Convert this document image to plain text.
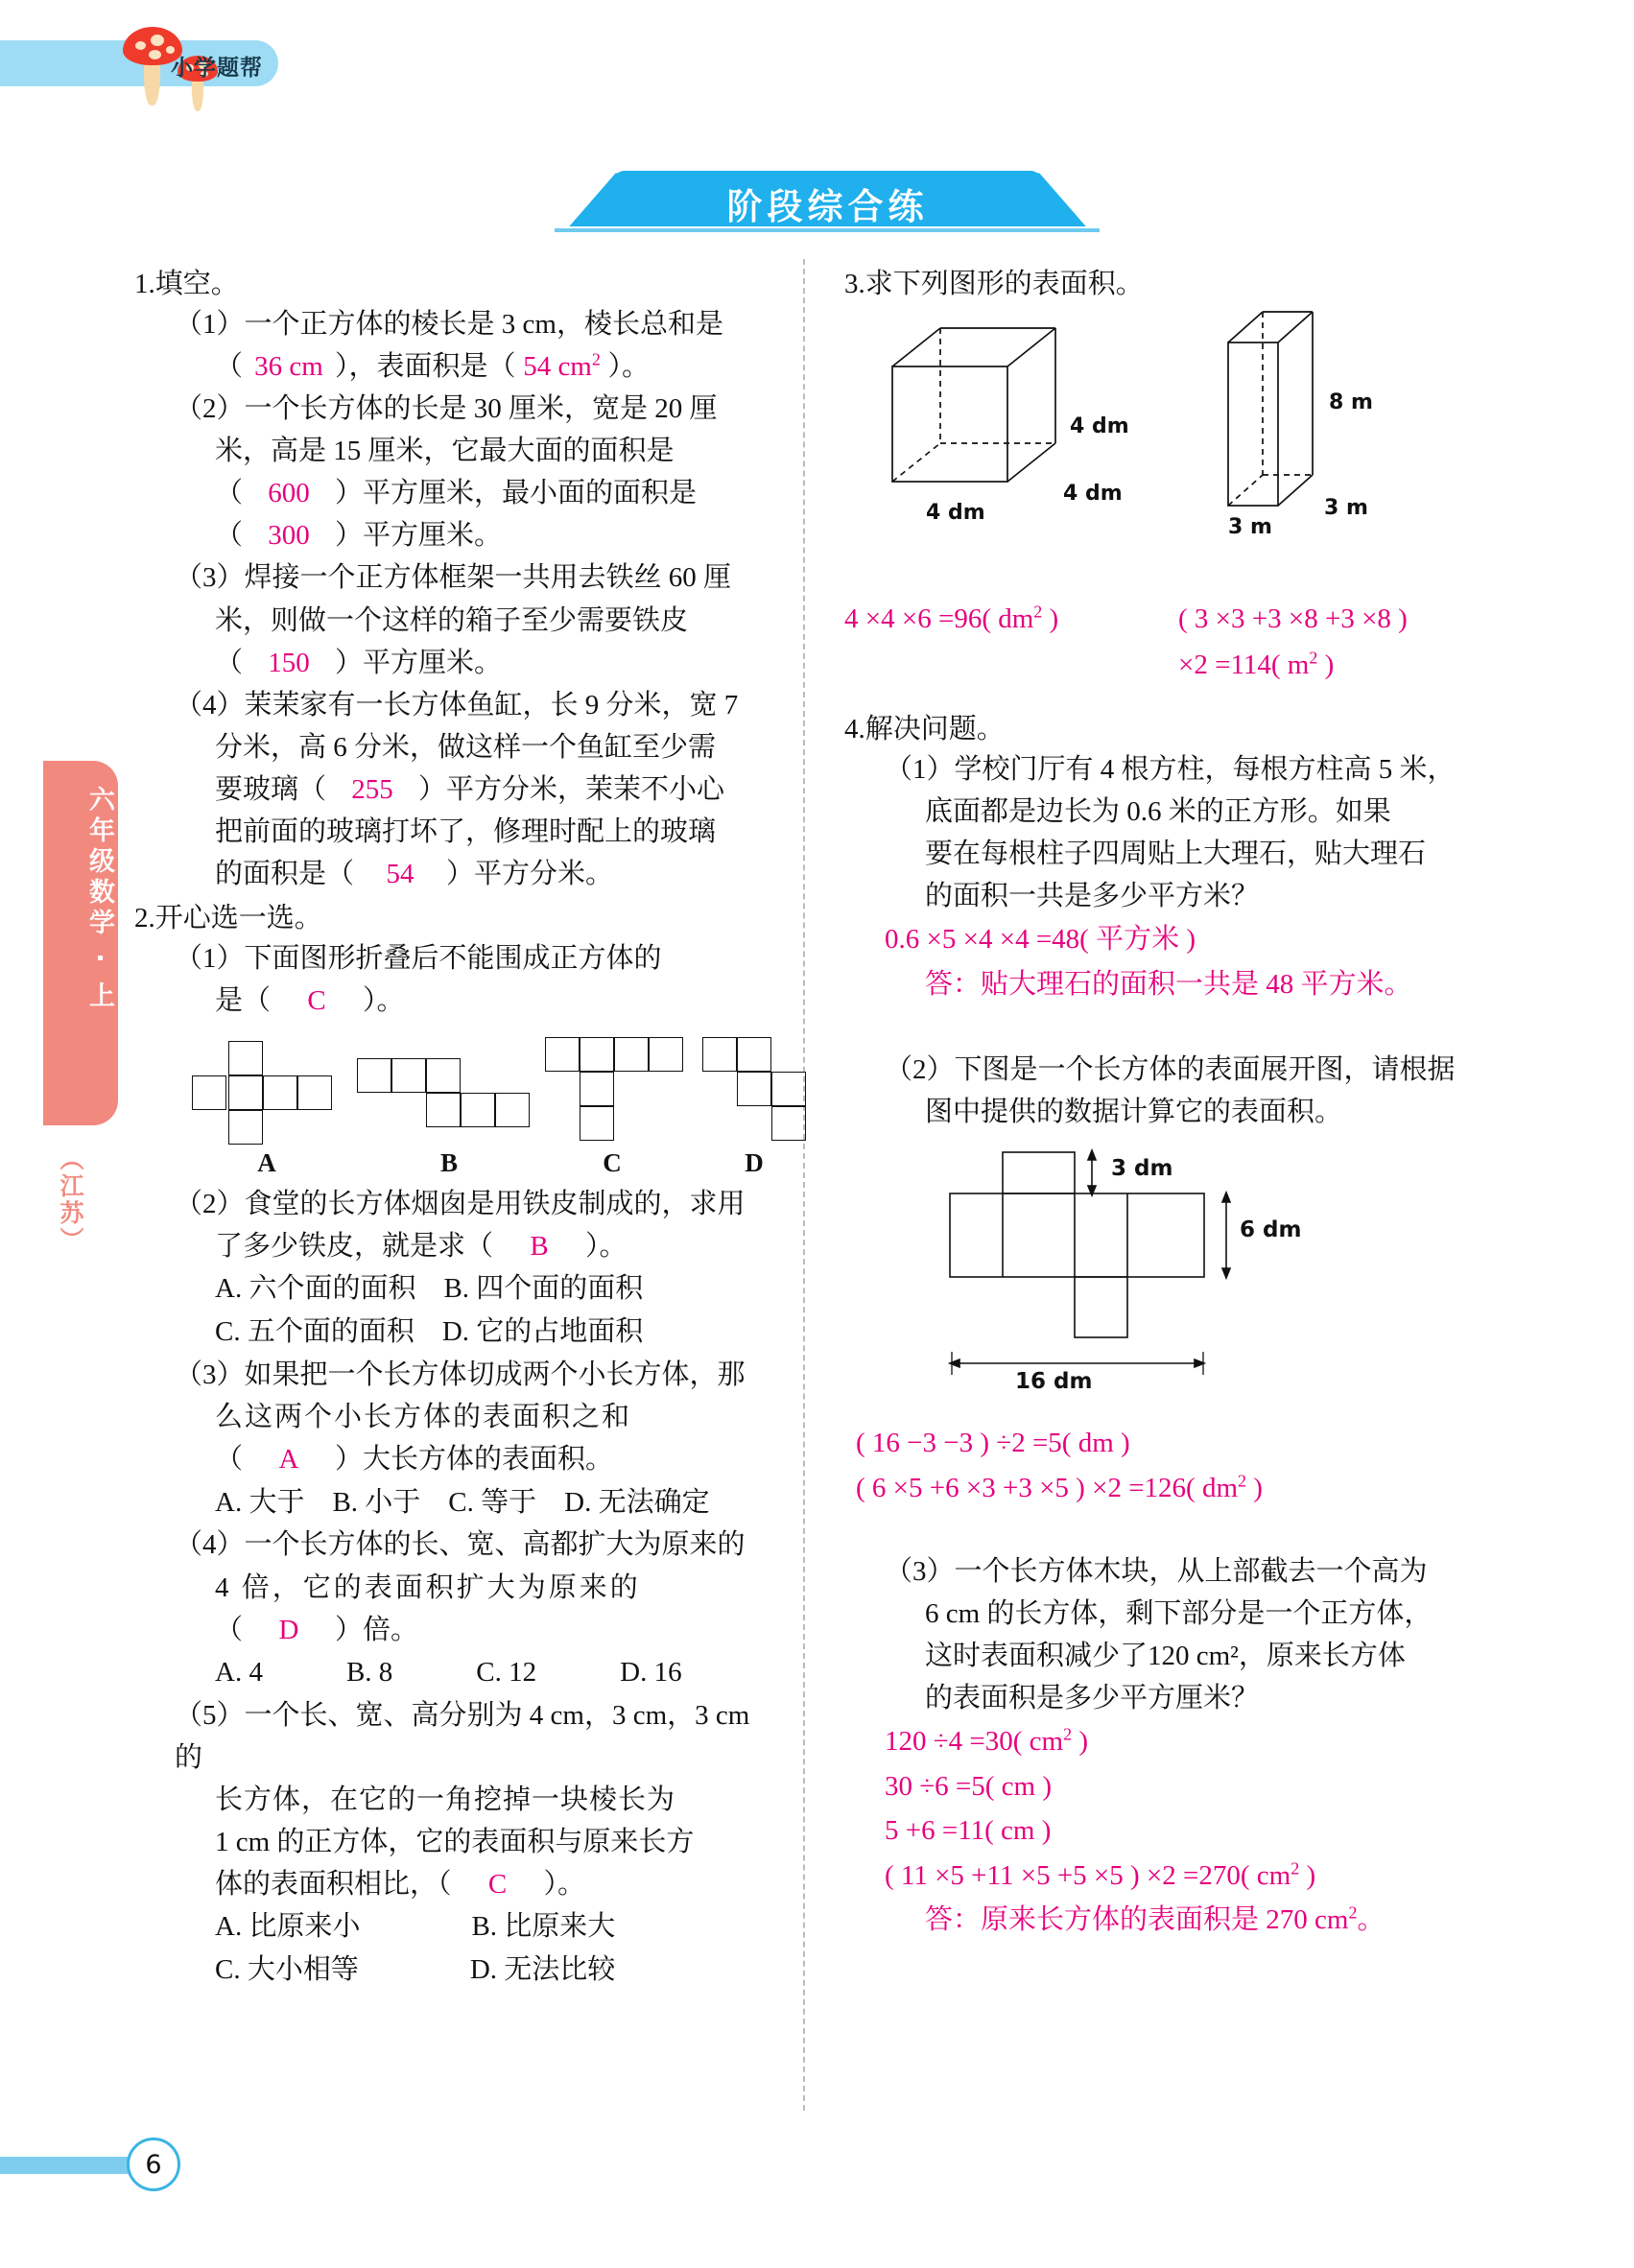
小学题帮
阶段综合练
六年级数学 · 上
（江苏）
1.填空。
（1）一个正方体的棱长是 3 cm，棱长总和是
（ 36 cm ），表面积是（ 54 $cm^2$ ）。
（2）一个长方体的长是 30 厘米，宽是 20 厘
米，高是 15 厘米，它最大面的面积是
（ 600 ）平方厘米，最小面的面积是
（ 300 ）平方厘米。
（3）焊接一个正方体框架一共用去铁丝 60 厘
米，则做一个这样的箱子至少需要铁皮
（ 150 ）平方厘米。
（4）茉茉家有一长方体鱼缸，长 9 分米，宽 7
分米，高 6 分米，做这样一个鱼缸至少需
要玻璃（ 255 ）平方分米，茉茉不小心
把前面的玻璃打坏了，修理时配上的玻璃
的面积是（ 54 ）平方分米。
2.开心选一选。
（1）下面图形折叠后不能围成正方体的
是（ C ）。
A	B	C	D
（2）食堂的长方体烟囱是用铁皮制成的，求用
了多少铁皮，就是求（ B ）。
A. 六个面的面积　B. 四个面的面积
C. 五个面的面积　D. 它的占地面积
（3）如果把一个长方体切成两个小长方体，那
么这两个小长方体的表面积之和
（ A ）大长方体的表面积。
A. 大于　B. 小于　C. 等于　D. 无法确定
（4）一个长方体的长、宽、高都扩大为原来的
4 倍，它的表面积扩大为原来的
（ D ）倍。
A. 4　　　B. 8　　　C. 12　　　D. 16
（5）一个长、宽、高分别为 4 cm，3 cm，3 cm 的
长方体，在它的一角挖掉一块棱长为
1 cm 的正方体，它的表面积与原来长方
体的表面积相比，（ C ）。
A. 比原来小　　　　B. 比原来大
C. 大小相等　　　　D. 无法比较
3.求下列图形的表面积。
4 dm
4 dm
4 dm
8 m
3 m
3 m
4 ×4 ×6 =96( $dm^2$ )	( 3 ×3 +3 ×8 +3 ×8 )
×2 =114( $m^2$ )
4.解决问题。
（1）学校门厅有 4 根方柱，每根方柱高 5 米，
底面都是边长为 0.6 米的正方形。如果
要在每根柱子四周贴上大理石，贴大理石
的面积一共是多少平方米？
0.6 ×5 ×4 ×4 =48( 平方米 )
答：贴大理石的面积一共是 48 平方米。
（2）下图是一个长方体的表面展开图，请根据
图中提供的数据计算它的表面积。
3 dm
6 dm
16 dm
( 16 −3 −3 ) ÷2 =5( dm )
( 6 ×5 +6 ×3 +3 ×5 ) ×2 =126( $dm^2$ )
（3）一个长方体木块，从上部截去一个高为
6 cm 的长方体，剩下部分是一个正方体，
这时表面积减少了120 cm²，原来长方体
的表面积是多少平方厘米？
120 ÷4 =30( $cm^2$ )
30 ÷6 =5( cm )
5 +6 =11( cm )
( 11 ×5 +11 ×5 +5 ×5 ) ×2 =270( $cm^2$ )
答：原来长方体的表面积是 270 $cm^2$。
6
